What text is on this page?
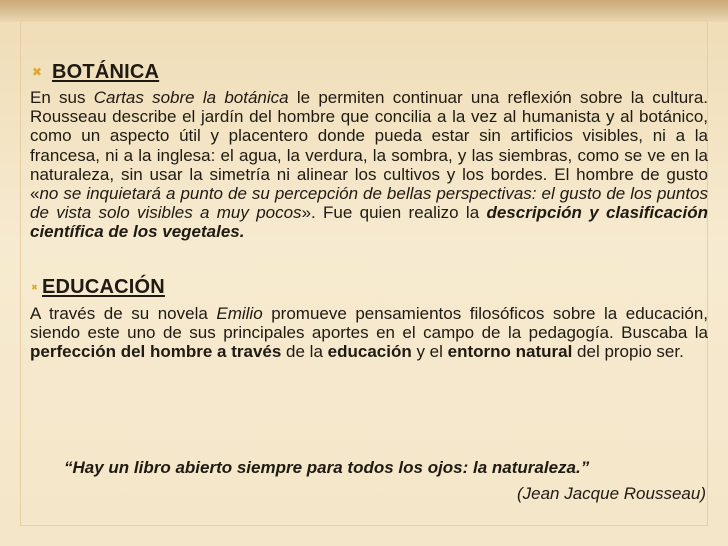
✖ BOTÁNICA

En sus Cartas sobre la botánica le permiten continuar una reflexión sobre la cultura. Rousseau describe el jardín del hombre que concilia a la vez al humanista y al botánico, como un aspecto útil y placentero donde pueda estar sin artificios visibles, ni a la francesa, ni a la inglesa: el agua, la verdura, la sombra, y las siembras, como se ve en la naturaleza, sin usar la simetría ni alinear los cultivos y los bordes. El hombre de gusto «no se inquietará a punto de su percepción de bellas perspectivas: el gusto de los puntos de vista solo visibles a muy pocos». Fue quien realizo la descripción y clasificación científica de los vegetales.

✖ EDUCACIÓN

A través de su novela Emilio promueve pensamientos filosóficos sobre la educación, siendo este uno de sus principales aportes en el campo de la pedagogía. Buscaba la perfección del hombre a través de la educación y el entorno natural del propio ser.

“Hay un libro abierto siempre para todos los ojos: la naturaleza.”
(Jean Jacque Rousseau)
